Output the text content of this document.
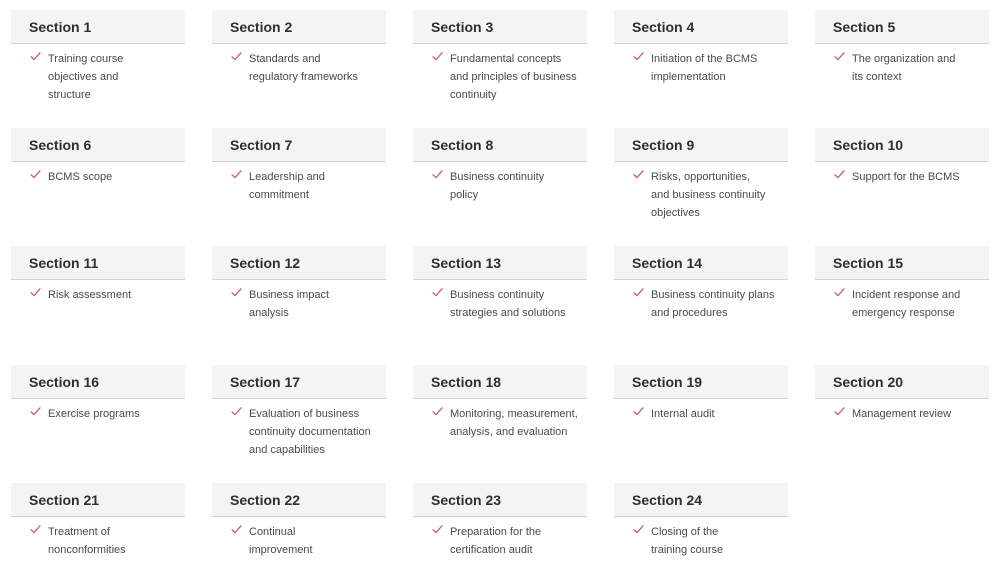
Section 1
Training course
objectives and
structure
Section 2
Standards and
regulatory frameworks
Section 3
Fundamental concepts
and principles of business
continuity
Section 4
Initiation of the BCMS
implementation
Section 5
The organization and
its context
Section 6
BCMS scope
Section 7
Leadership and
commitment
Section 8
Business continuity
policy
Section 9
Risks, opportunities,
and business continuity
objectives
Section 10
Support for the BCMS
Section 11
Risk assessment
Section 12
Business impact
analysis
Section 13
Business continuity
strategies and solutions
Section 14
Business continuity plans
and procedures
Section 15
Incident response and
emergency response
Section 16
Exercise programs
Section 17
Evaluation of business
continuity documentation
and capabilities
Section 18
Monitoring, measurement,
analysis, and evaluation
Section 19
Internal audit
Section 20
Management review
Section 21
Treatment of
nonconformities
Section 22
Continual
improvement
Section 23
Preparation for the
certification audit
Section 24
Closing of the
training course
